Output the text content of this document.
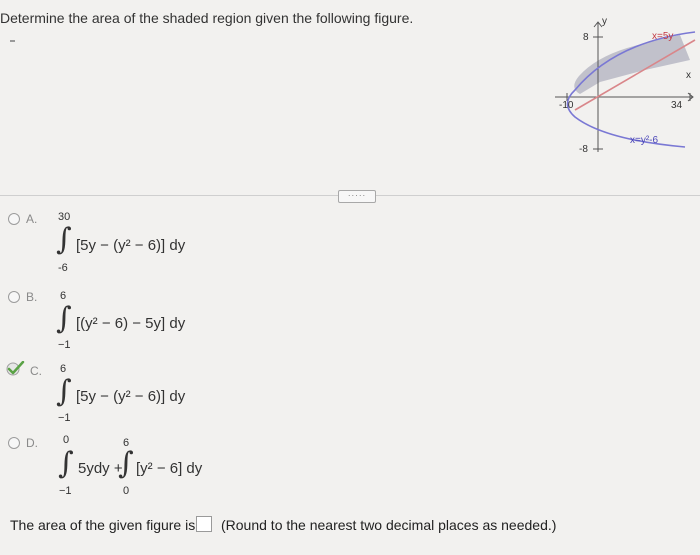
Determine the area of the shaded region given the following figure.	y
x
8
-8
-10	34
x=5y
x=y²-6
·····
A. 30
∫
-6
[5y − (y² − 6)] dy
B. 6
∫
−1
[(y² − 6) − 5y] dy
C. 6
∫
−1
[5y − (y² − 6)] dy
D. 0
∫
−1
5ydy +
6
∫
0
[y² − 6] dy
The area of the given figure is (Round to the nearest two decimal places as needed.)
